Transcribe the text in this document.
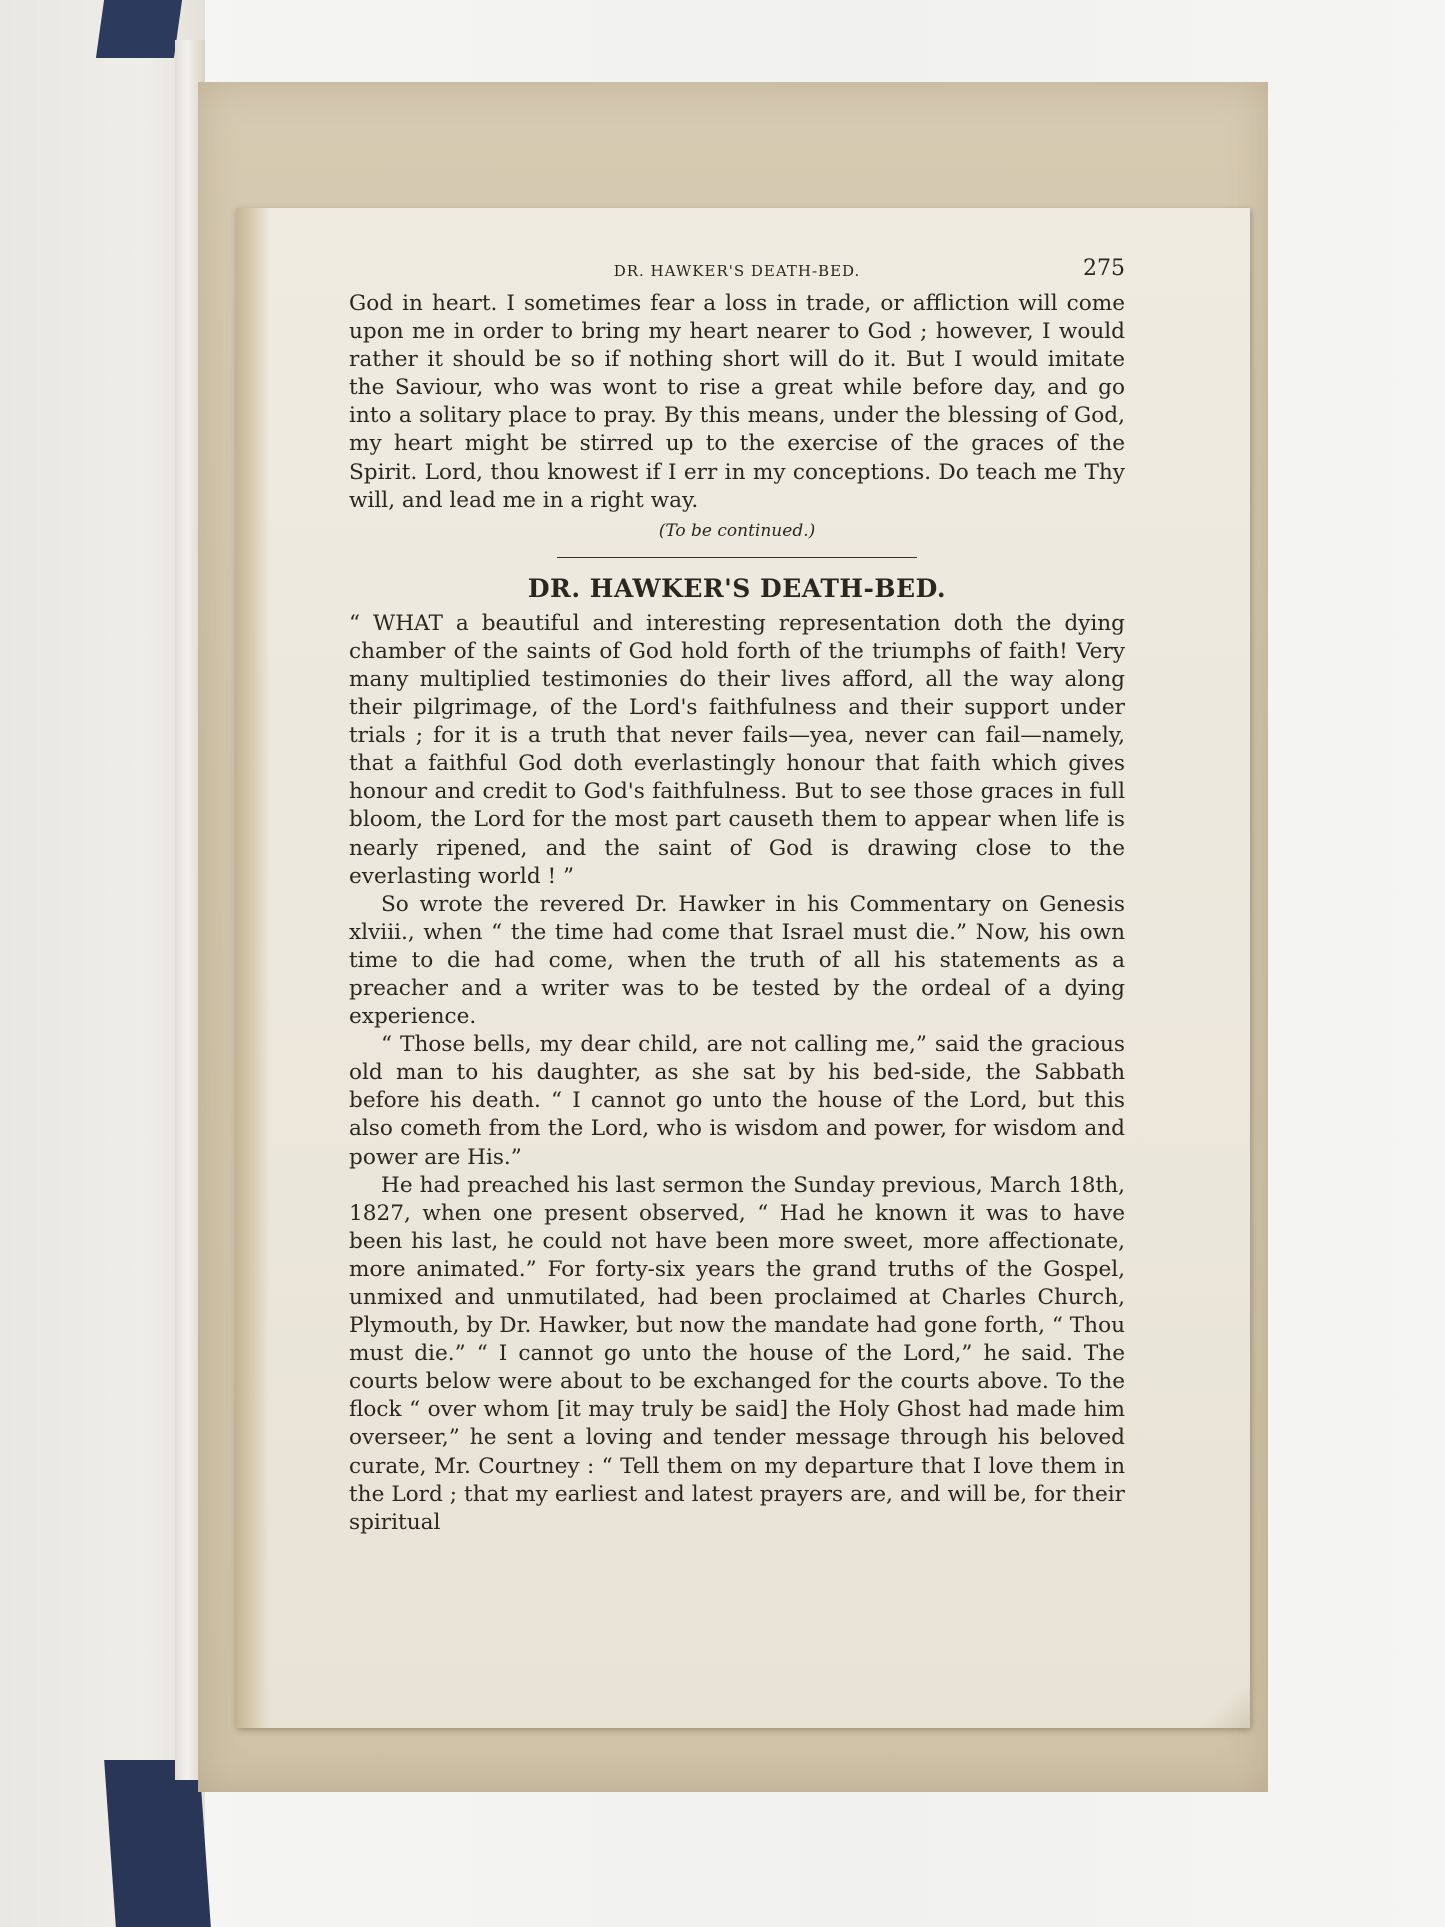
DR. HAWKER'S DEATH-BED.	275

God in heart. I sometimes fear a loss in trade, or affliction will come upon me in order to bring my heart nearer to God ; however, I would rather it should be so if nothing short will do it. But I would imitate the Saviour, who was wont to rise a great while before day, and go into a solitary place to pray. By this means, under the blessing of God, my heart might be stirred up to the exercise of the graces of the Spirit. Lord, thou knowest if I err in my conceptions. Do teach me Thy will, and lead me in a right way.

(To be continued.)

DR. HAWKER'S DEATH-BED.

“ WHAT a beautiful and interesting representation doth the dying chamber of the saints of God hold forth of the triumphs of faith! Very many multiplied testimonies do their lives afford, all the way along their pilgrimage, of the Lord's faithfulness and their support under trials ; for it is a truth that never fails—yea, never can fail—namely, that a faithful God doth everlastingly honour that faith which gives honour and credit to God's faithfulness. But to see those graces in full bloom, the Lord for the most part causeth them to appear when life is nearly ripened, and the saint of God is drawing close to the everlasting world ! ”

So wrote the revered Dr. Hawker in his Commentary on Genesis xlviii., when “ the time had come that Israel must die.” Now, his own time to die had come, when the truth of all his statements as a preacher and a writer was to be tested by the ordeal of a dying experience.

“ Those bells, my dear child, are not calling me,” said the gracious old man to his daughter, as she sat by his bed-side, the Sabbath before his death. “ I cannot go unto the house of the Lord, but this also cometh from the Lord, who is wisdom and power, for wisdom and power are His.”

He had preached his last sermon the Sunday previous, March 18th, 1827, when one present observed, “ Had he known it was to have been his last, he could not have been more sweet, more affectionate, more animated.” For forty-six years the grand truths of the Gospel, unmixed and unmutilated, had been proclaimed at Charles Church, Plymouth, by Dr. Hawker, but now the mandate had gone forth, “ Thou must die.” “ I cannot go unto the house of the Lord,” he said. The courts below were about to be exchanged for the courts above. To the flock “ over whom [it may truly be said] the Holy Ghost had made him overseer,” he sent a loving and tender message through his beloved curate, Mr. Courtney : “ Tell them on my departure that I love them in the Lord ; that my earliest and latest prayers are, and will be, for their spiritual
